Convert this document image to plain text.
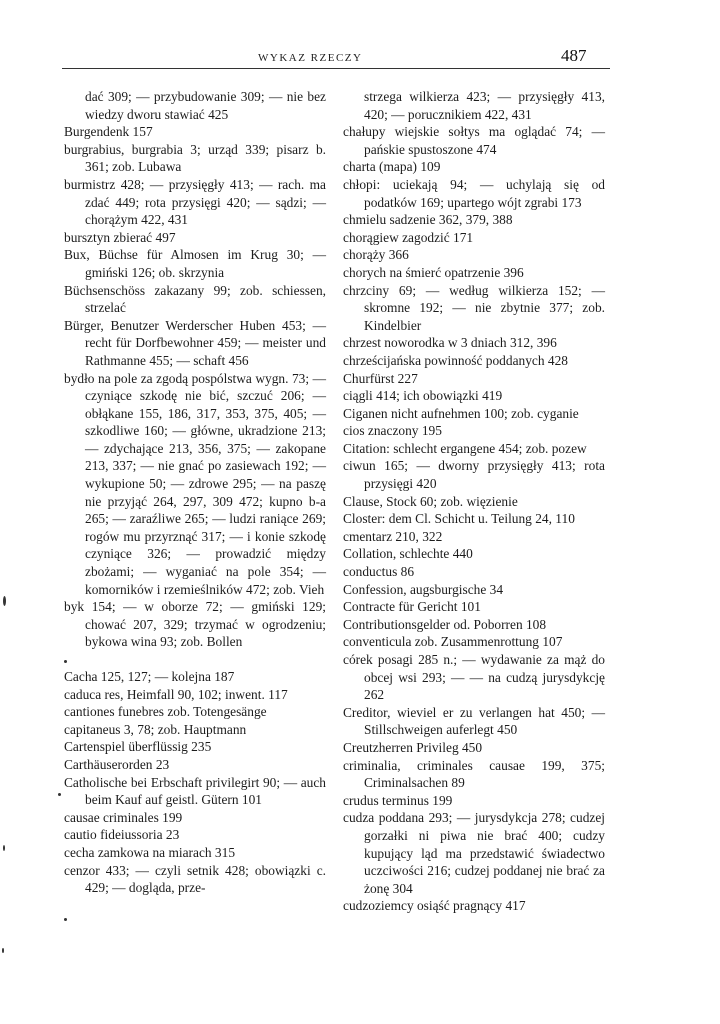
WYKAZ RZECZY	487
dać 309; — przybudowanie 309; — nie bez wiedzy dworu stawiać 425
Burgendenk 157
burgrabius, burgrabia 3; urząd 339; pisarz b. 361; zob. Lubawa
burmistrz 428; — przysięgły 413; — rach. ma zdać 449; rota przysięgi 420; — sądzi; — chorążym 422, 431
bursztyn zbierać 497
Bux, Büchse für Almosen im Krug 30; — gmiński 126; ob. skrzynia
Büchsenschöss zakazany 99; zob. schiessen, strzelać
Bürger, Benutzer Werderscher Huben 453; — recht für Dorfbewohner 459; — meister und Rathmanne 455; — schaft 456
bydło na pole za zgodą pospólstwa wygn. 73; — czyniące szkodę nie bić, szczuć 206; — obłąkane 155, 186, 317, 353, 375, 405; — szkodliwe 160; — główne, ukradzione 213; — zdychające 213, 356, 375; — zakopane 213, 337; — nie gnać po zasiewach 192; — wykupione 50; — zdrowe 295; — na paszę nie przyjąć 264, 297, 309 472; kupno b-a 265; — zaraźliwe 265; — ludzi raniące 269; rogów mu przyrznąć 317; — i konie szkodę czyniące 326; — prowadzić między zbożami; — wyganiać na pole 354; — komorników i rzemieślników 472; zob. Vieh
byk 154; — w oborze 72; — gmiński 129; chować 207, 329; trzymać w ogrodzeniu; bykowa wina 93; zob. Bollen
Cacha 125, 127; — kolejna 187
caduca res, Heimfall 90, 102; inwent. 117
cantiones funebres zob. Totengesänge
capitaneus 3, 78; zob. Hauptmann
Cartenspiel überflüssig 235
Carthäuserorden 23
Catholische bei Erbschaft privilegirt 90; — auch beim Kauf auf geistl. Gütern 101
causae criminales 199
cautio fideiussoria 23
cecha zamkowa na miarach 315
cenzor 433; — czyli setnik 428; obowiązki c. 429; — dogląda, prze-
strzega wilkierza 423; — przysięgły 413, 420; — porucznikiem 422, 431
chałupy wiejskie sołtys ma oglądać 74; — pańskie spustoszone 474
charta (mapa) 109
chłopi: uciekają 94; — uchylają się od podatków 169; upartego wójt zgrabi 173
chmielu sadzenie 362, 379, 388
chorągiew zagodzić 171
chorąży 366
chorych na śmierć opatrzenie 396
chrzciny 69; — według wilkierza 152; — skromne 192; — nie zbytnie 377; zob. Kindelbier
chrzest noworodka w 3 dniach 312, 396
chrześcijańska powinność poddanych 428
Churfürst 227
ciągli 414; ich obowiązki 419
Ciganen nicht aufnehmen 100; zob. cyganie
cios znaczony 195
Citation: schlecht ergangene 454; zob. pozew
ciwun 165; — dworny przysięgły 413; rota przysięgi 420
Clause, Stock 60; zob. więzienie
Closter: dem Cl. Schicht u. Teilung 24, 110
cmentarz 210, 322
Collation, schlechte 440
conductus 86
Confession, augsburgische 34
Contracte für Gericht 101
Contributionsgelder od. Poborren 108
conventicula zob. Zusammenrottung 107
córek posagi 285 n.; — wydawanie za mąż do obcej wsi 293; — — na cudzą jurysdykcję 262
Creditor, wieviel er zu verlangen hat 450; — Stillschweigen auferlegt 450
Creutzherren Privileg 450
criminalia, criminales causae 199, 375; Criminalsachen 89
crudus terminus 199
cudza poddana 293; — jurysdykcja 278; cudzej gorzałki ni piwa nie brać 400; cudzy kupujący ląd ma przedstawić świadectwo uczciwości 216; cudzej poddanej nie brać za żonę 304
cudzoziemcy osiąść pragnący 417
